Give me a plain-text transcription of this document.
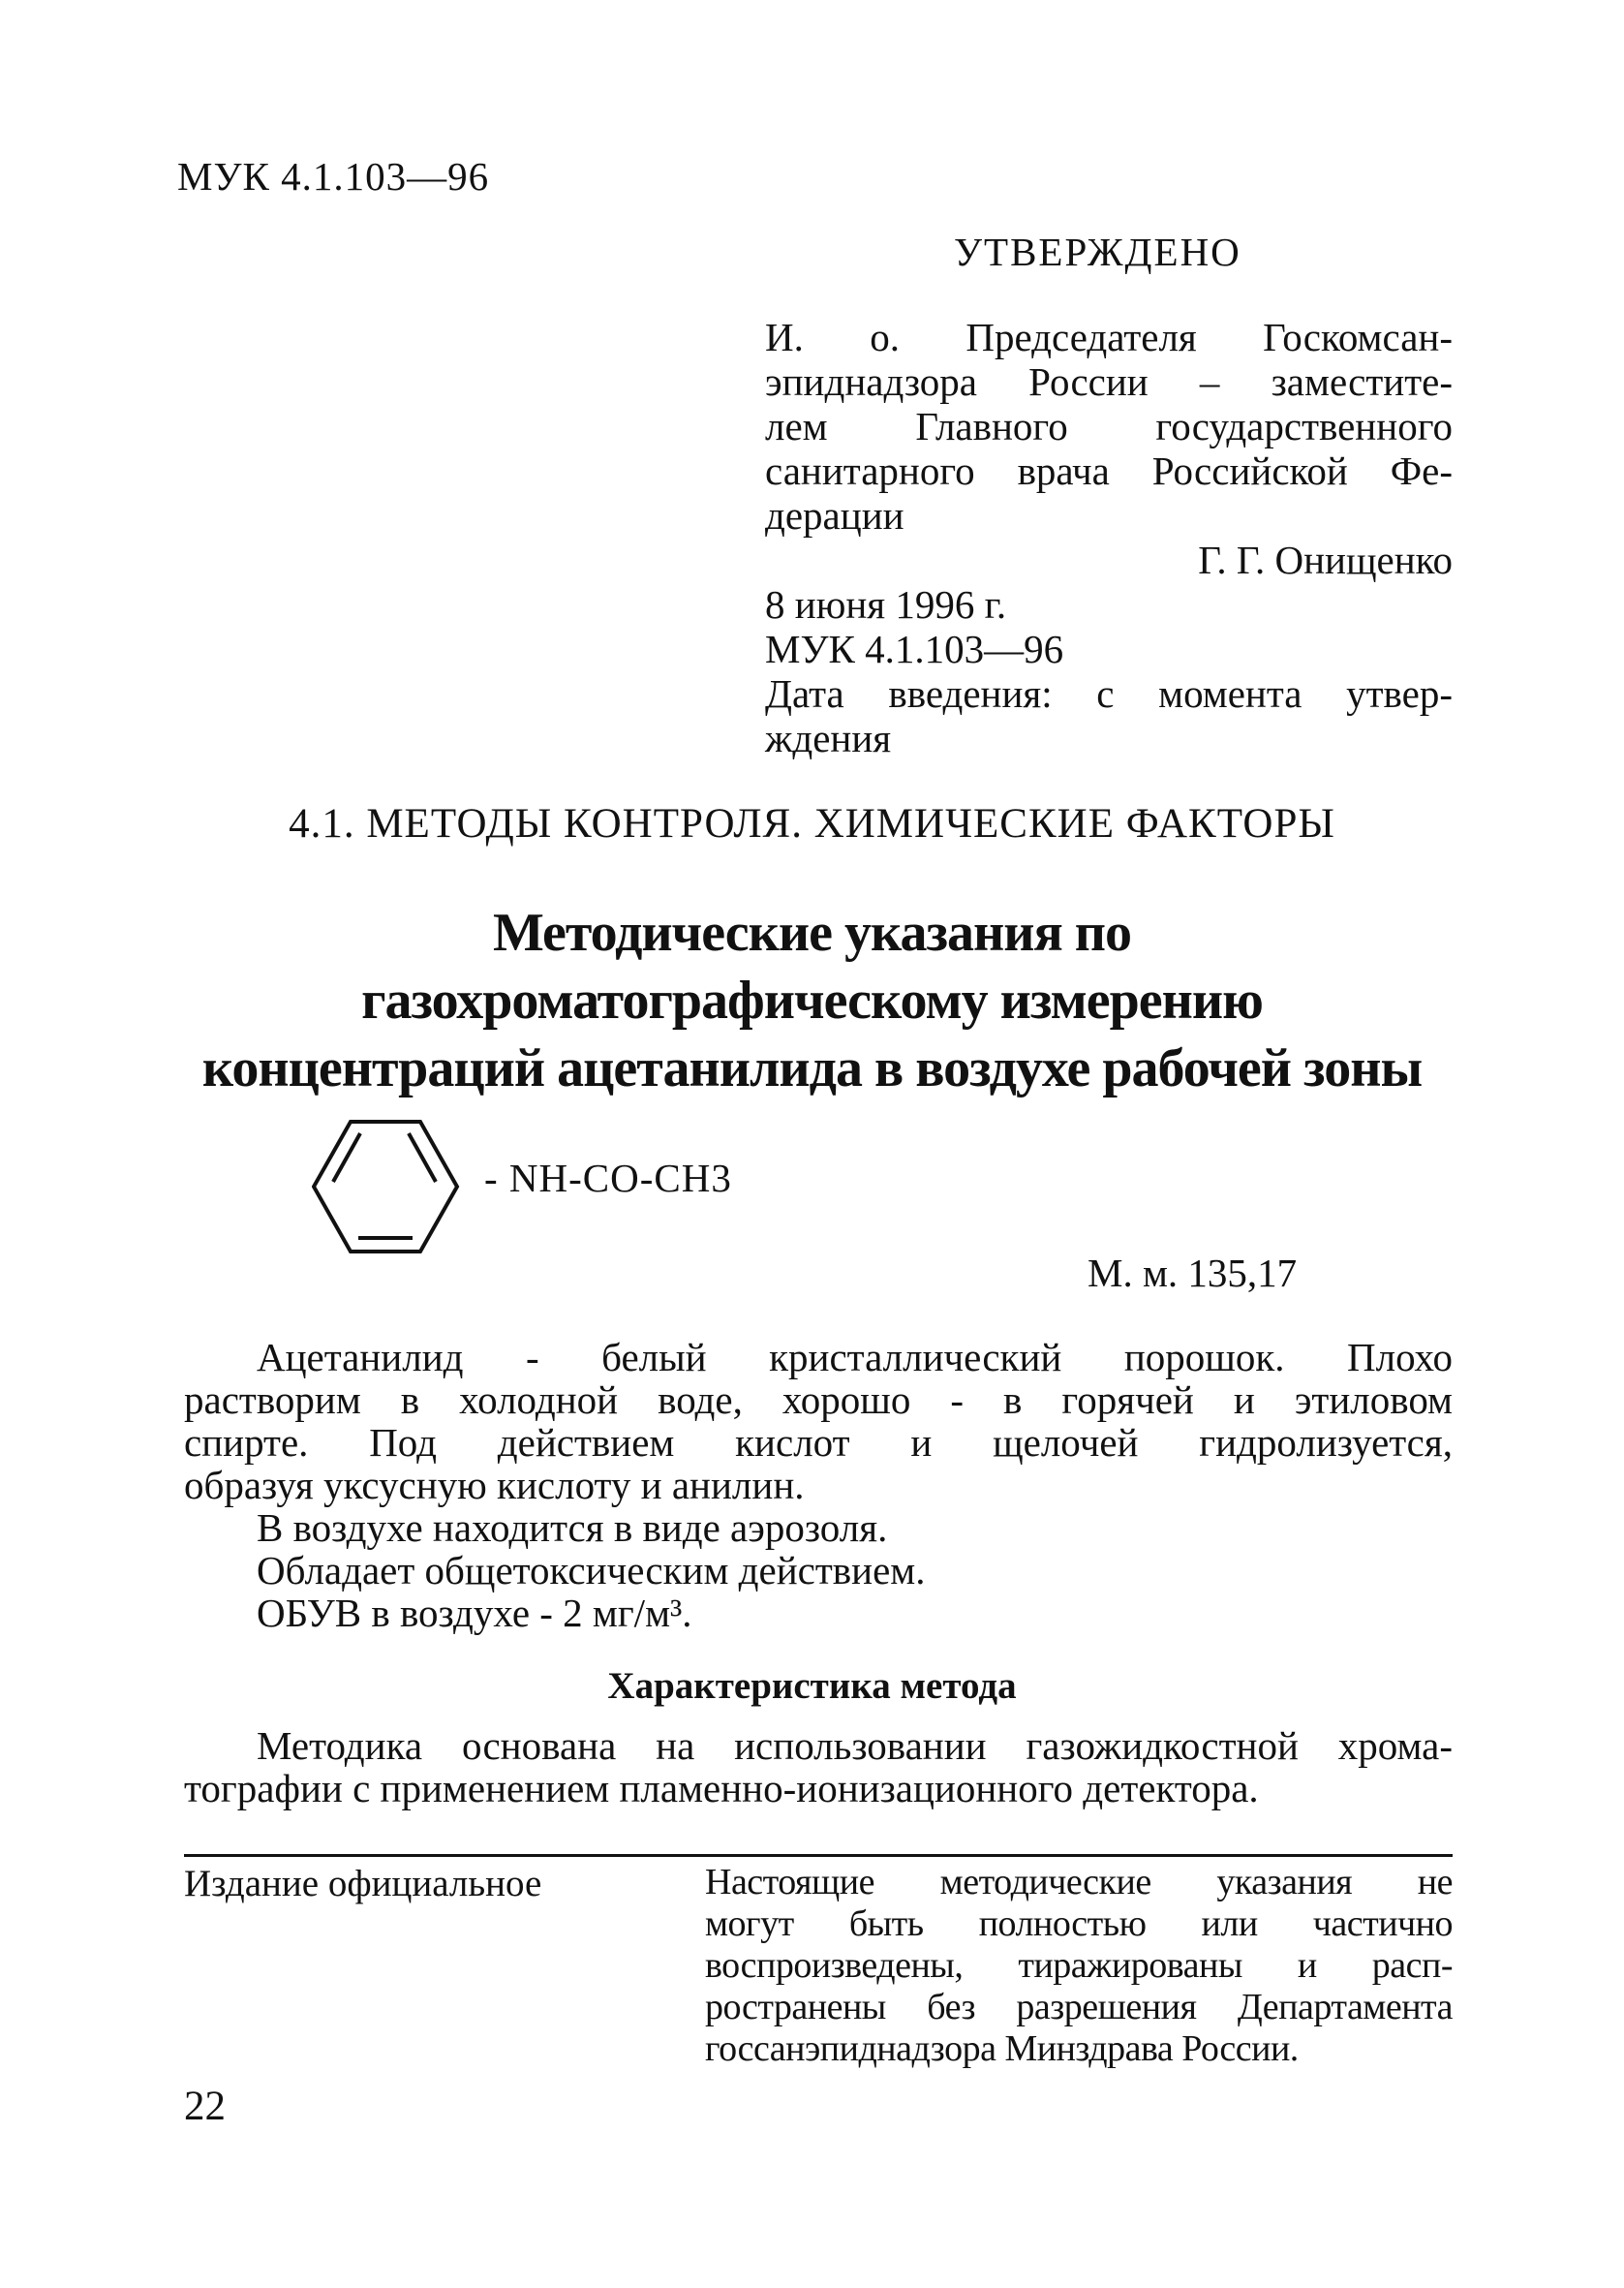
МУК 4.1.103—96
УТВЕРЖДЕНО
И. о. Председателя Госкомсан-
эпиднадзора России – заместите-
лем Главного государственного
санитарного врача Российской Фе-
дерации
Г. Г. Онищенко
8 июня 1996 г.
МУК 4.1.103—96
Дата введения: с момента утвер-
ждения
4.1. МЕТОДЫ КОНТРОЛЯ. ХИМИЧЕСКИЕ ФАКТОРЫ
Методические указания по
газохроматографическому измерению
концентраций ацетанилида в воздухе рабочей зоны
- NH-CO-CH3
М. м. 135,17
Ацетанилид - белый кристаллический порошок. Плохо
растворим в холодной воде, хорошо - в горячей и этиловом
спирте. Под действием кислот и щелочей гидролизуется,
образуя уксусную кислоту и анилин.
В воздухе находится в виде аэрозоля.
Обладает общетоксическим действием.
ОБУВ в воздухе - 2 мг/м³.
Характеристика метода
Методика основана на использовании газожидкостной хрома-
тографии с применением пламенно-ионизационного детектора.
Издание официальное	Настоящие методические указания не
могут быть полностью или частично
воспроизведены, тиражированы и расп-
ространены без разрешения Департамента
госсанэпиднадзора Минздрава России.
22
